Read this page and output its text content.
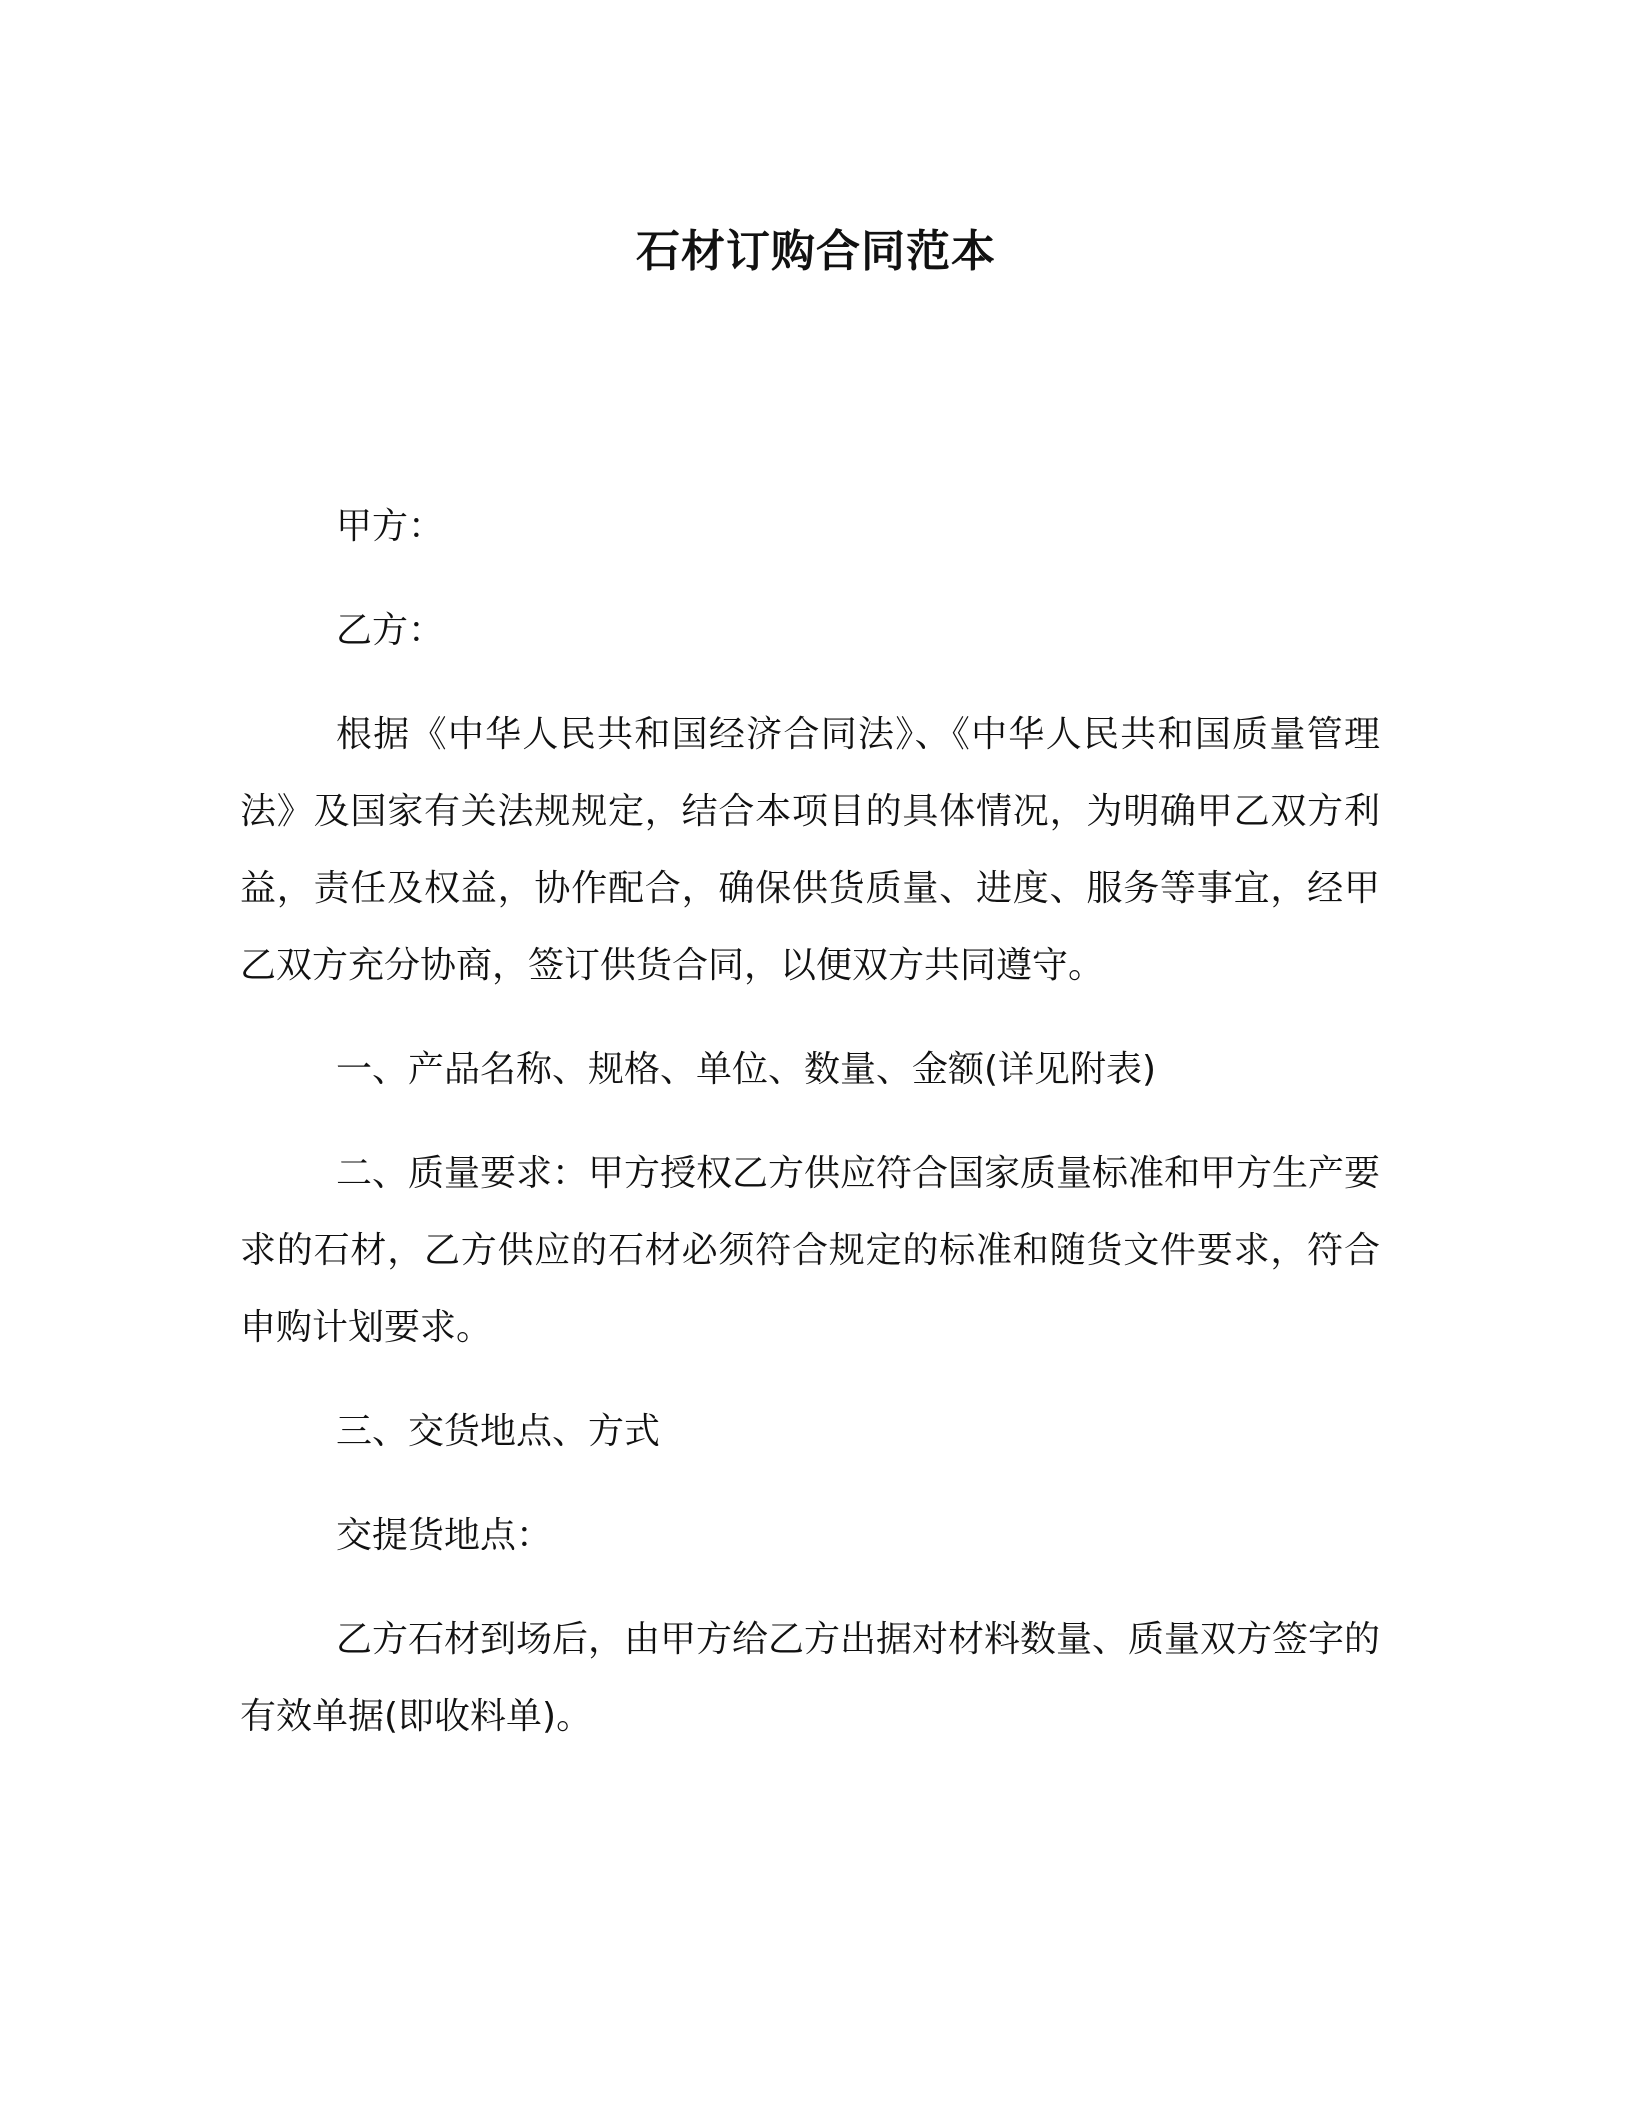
石材订购合同范本

甲方：

乙方：

根据《中华人民共和国经济合同法》、《中华人民共和国质量管理法》及国家有关法规规定，结合本项目的具体情况，为明确甲乙双方利益，责任及权益，协作配合，确保供货质量、进度、服务等事宜，经甲乙双方充分协商，签订供货合同，以便双方共同遵守。

一、产品名称、规格、单位、数量、金额(详见附表)

二、质量要求：甲方授权乙方供应符合国家质量标准和甲方生产要求的石材，乙方供应的石材必须符合规定的标准和随货文件要求，符合申购计划要求。

三、交货地点、方式

交提货地点：

乙方石材到场后，由甲方给乙方出据对材料数量、质量双方签字的有效单据(即收料单)。
